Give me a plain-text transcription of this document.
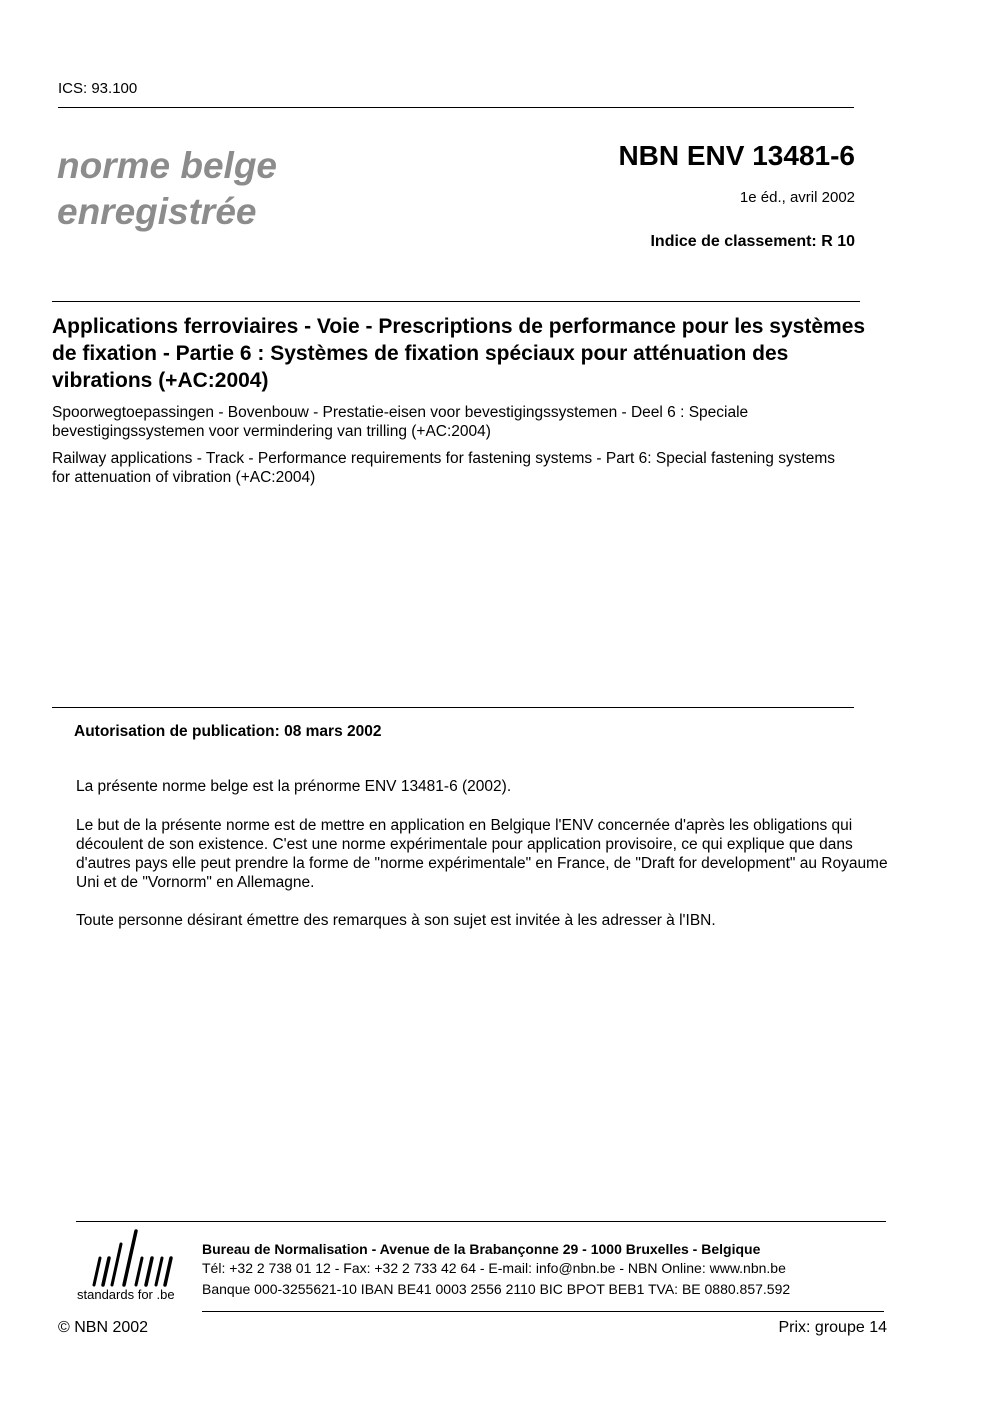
ICS: 93.100
norme belge
enregistrée
NBN ENV 13481-6
1e éd., avril 2002
Indice de classement: R 10
Applications ferroviaires - Voie - Prescriptions de performance pour les systèmes de fixation - Partie 6 : Systèmes de fixation spéciaux pour atténuation des vibrations (+AC:2004)
Spoorwegtoepassingen - Bovenbouw - Prestatie-eisen voor bevestigingssystemen - Deel 6 : Speciale bevestigingssystemen voor vermindering van trilling (+AC:2004)
Railway applications - Track - Performance requirements for fastening systems - Part 6: Special fastening systems for attenuation of vibration (+AC:2004)
Autorisation de publication: 08 mars 2002
La présente norme belge est la prénorme ENV 13481-6 (2002).
Le but de la présente norme est de mettre en application en Belgique l'ENV concernée d'après les obligations qui découlent de son existence. C'est une norme expérimentale pour application provisoire, ce qui explique que dans d'autres pays elle peut prendre la forme de "norme expérimentale" en France, de "Draft for development" au Royaume Uni et de "Vornorm" en Allemagne.
Toute personne désirant émettre des remarques à son sujet est invitée à les adresser à l'IBN.
standards for .be
Bureau de Normalisation - Avenue de la Brabançonne 29 - 1000 Bruxelles - Belgique
Tél: +32 2 738 01 12 - Fax: +32 2 733 42 64 - E-mail: info@nbn.be - NBN Online: www.nbn.be
Banque 000-3255621-10 IBAN BE41 0003 2556 2110 BIC BPOT BEB1 TVA: BE 0880.857.592
© NBN 2002	Prix: groupe 14
